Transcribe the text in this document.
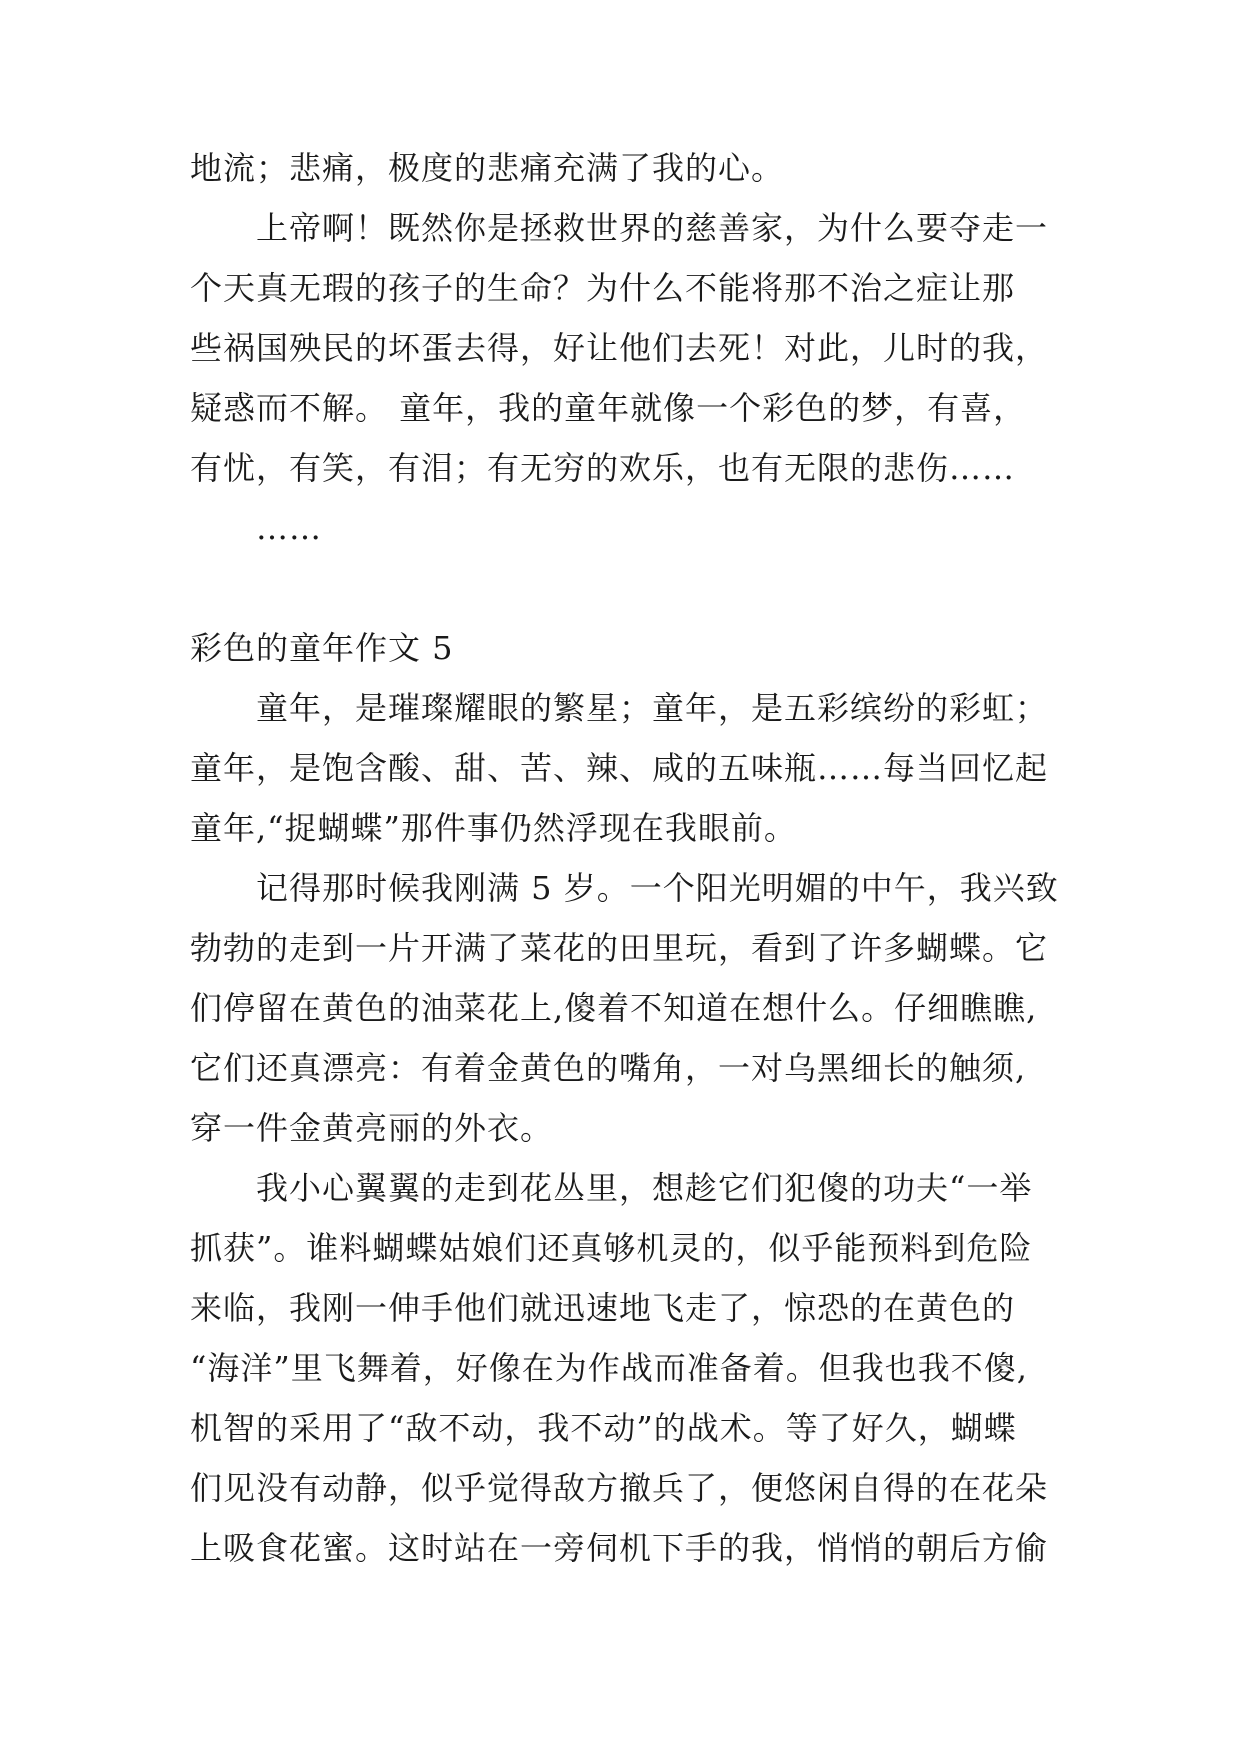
地流；悲痛，极度的悲痛充满了我的心。
上帝啊！既然你是拯救世界的慈善家，为什么要夺走一
个天真无瑕的孩子的生命？为什么不能将那不治之症让那
些祸国殃民的坏蛋去得，好让他们去死！对此，儿时的我，
疑惑而不解。 童年，我的童年就像一个彩色的梦，有喜，
有忧，有笑，有泪；有无穷的欢乐，也有无限的悲伤……
……
彩色的童年作文 5
童年，是璀璨耀眼的繁星；童年，是五彩缤纷的彩虹；
童年，是饱含酸、甜、苦、辣、咸的五味瓶……每当回忆起
童年,“捉蝴蝶”那件事仍然浮现在我眼前。
记得那时候我刚满 5 岁。一个阳光明媚的中午，我兴致
勃勃的走到一片开满了菜花的田里玩，看到了许多蝴蝶。它
们停留在黄色的油菜花上,傻着不知道在想什么。仔细瞧瞧,
它们还真漂亮：有着金黄色的嘴角，一对乌黑细长的触须,
穿一件金黄亮丽的外衣。
我小心翼翼的走到花丛里，想趁它们犯傻的功夫“一举
抓获”。谁料蝴蝶姑娘们还真够机灵的，似乎能预料到危险
来临，我刚一伸手他们就迅速地飞走了，惊恐的在黄色的
“海洋”里飞舞着，好像在为作战而准备着。但我也我不傻,
机智的采用了“敌不动，我不动”的战术。等了好久，蝴蝶
们见没有动静，似乎觉得敌方撤兵了，便悠闲自得的在花朵
上吸食花蜜。这时站在一旁伺机下手的我，悄悄的朝后方偷
